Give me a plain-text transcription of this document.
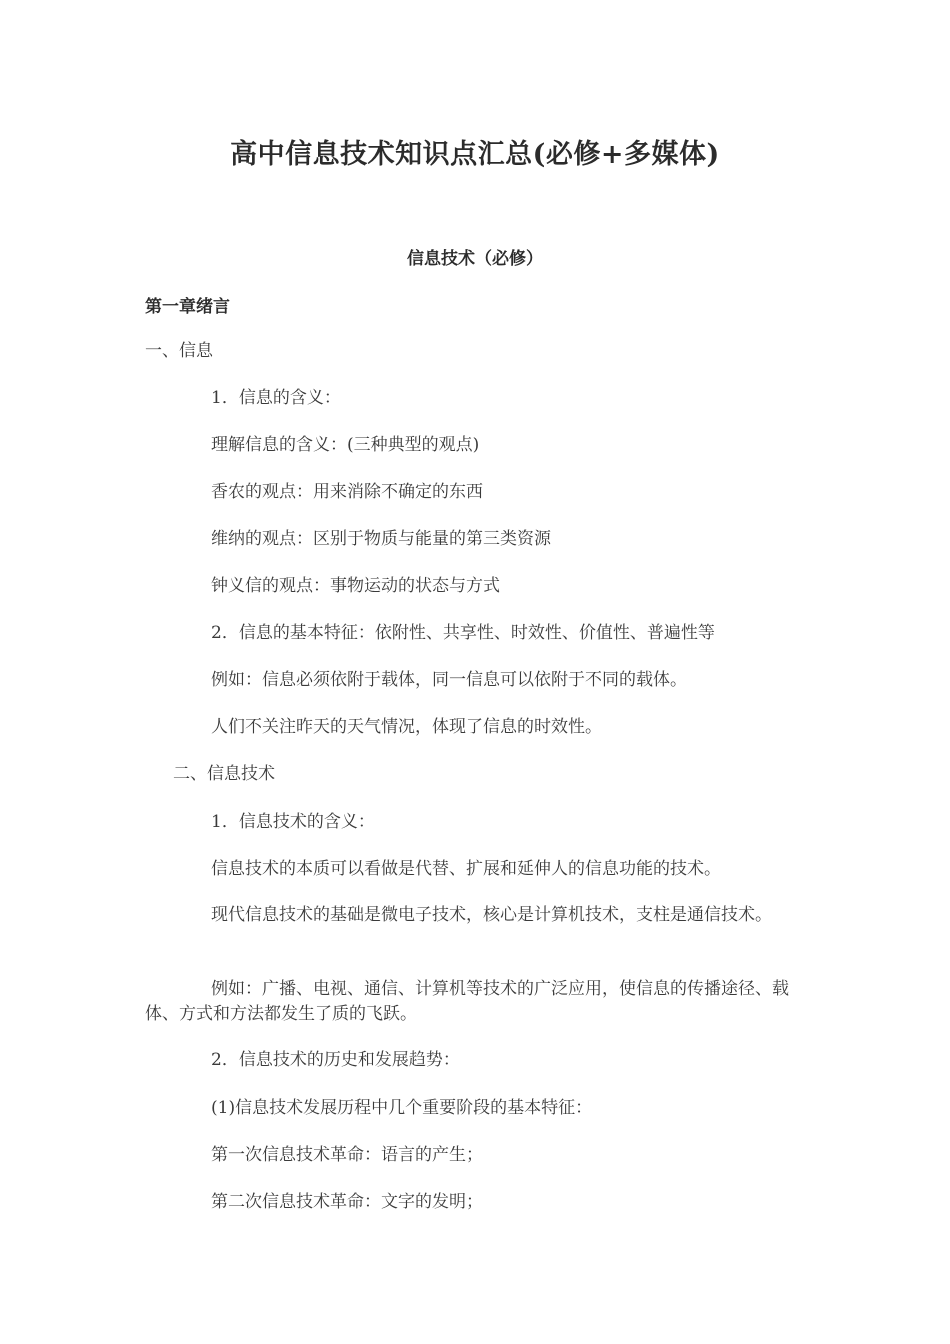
高中信息技术知识点汇总(必修+多媒体)
信息技术（必修）
第一章绪言
一、信息
1．信息的含义：
理解信息的含义：(三种典型的观点)
香农的观点：用来消除不确定的东西
维纳的观点：区别于物质与能量的第三类资源
钟义信的观点：事物运动的状态与方式
2．信息的基本特征：依附性、共享性、时效性、价值性、普遍性等
例如：信息必须依附于载体，同一信息可以依附于不同的载体。
人们不关注昨天的天气情况，体现了信息的时效性。
二、信息技术
1．信息技术的含义：
信息技术的本质可以看做是代替、扩展和延伸人的信息功能的技术。
现代信息技术的基础是微电子技术，核心是计算机技术，支柱是通信技术。
例如：广播、电视、通信、计算机等技术的广泛应用，使信息的传播途径、载体、方式和方法都发生了质的飞跃。
2．信息技术的历史和发展趋势：
(1)信息技术发展历程中几个重要阶段的基本特征：
第一次信息技术革命：语言的产生；
第二次信息技术革命：文字的发明；
